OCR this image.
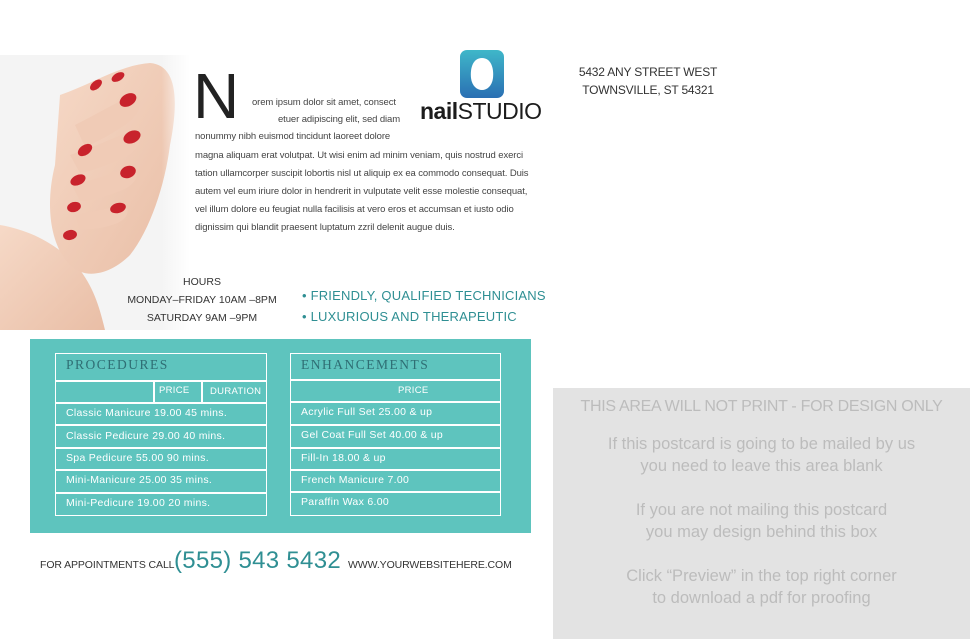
nailSTUDIO
5432 ANY STREET WEST
TOWNSVILLE, ST 54321
N orem ipsum dolor sit amet, consect
etuer adipiscing elit, sed diam
nonummy nibh euismod tincidunt laoreet dolore
magna aliquam erat volutpat. Ut wisi enim ad minim veniam, quis nostrud exerci
tation ullamcorper suscipit lobortis nisl ut aliquip ex ea commodo consequat. Duis
autem vel eum iriure dolor in hendrerit in vulputate velit esse molestie consequat,
vel illum dolore eu feugiat nulla facilisis at vero eros et accumsan et iusto odio
dignissim qui blandit praesent luptatum zzril delenit augue duis.
HOURS
MONDAY–FRIDAY 10AM –8PM
SATURDAY 9AM –9PM
• FRIENDLY, QUALIFIED TECHNICIANS
• LUXURIOUS AND THERAPEUTIC
PROCEDURES
PRICE DURATION
Classic Manicure 19.00 45 mins.
Classic Pedicure 29.00 40 mins.
Spa Pedicure 55.00 90 mins.
Mini-Manicure 25.00 35 mins.
Mini-Pedicure 19.00 20 mins.
ENHANCEMENTS
PRICE
Acrylic Full Set 25.00 & up
Gel Coat Full Set 40.00 & up
Fill-In 18.00 & up
French Manicure 7.00
Paraffin Wax 6.00
FOR APPOINTMENTS CALL (555) 543 5432 WWW.YOURWEBSITEHERE.COM
THIS AREA WILL NOT PRINT - FOR DESIGN ONLY
If this postcard is going to be mailed by us
you need to leave this area blank
If you are not mailing this postcard
you may design behind this box
Click “Preview” in the top right corner
to download a pdf for proofing
